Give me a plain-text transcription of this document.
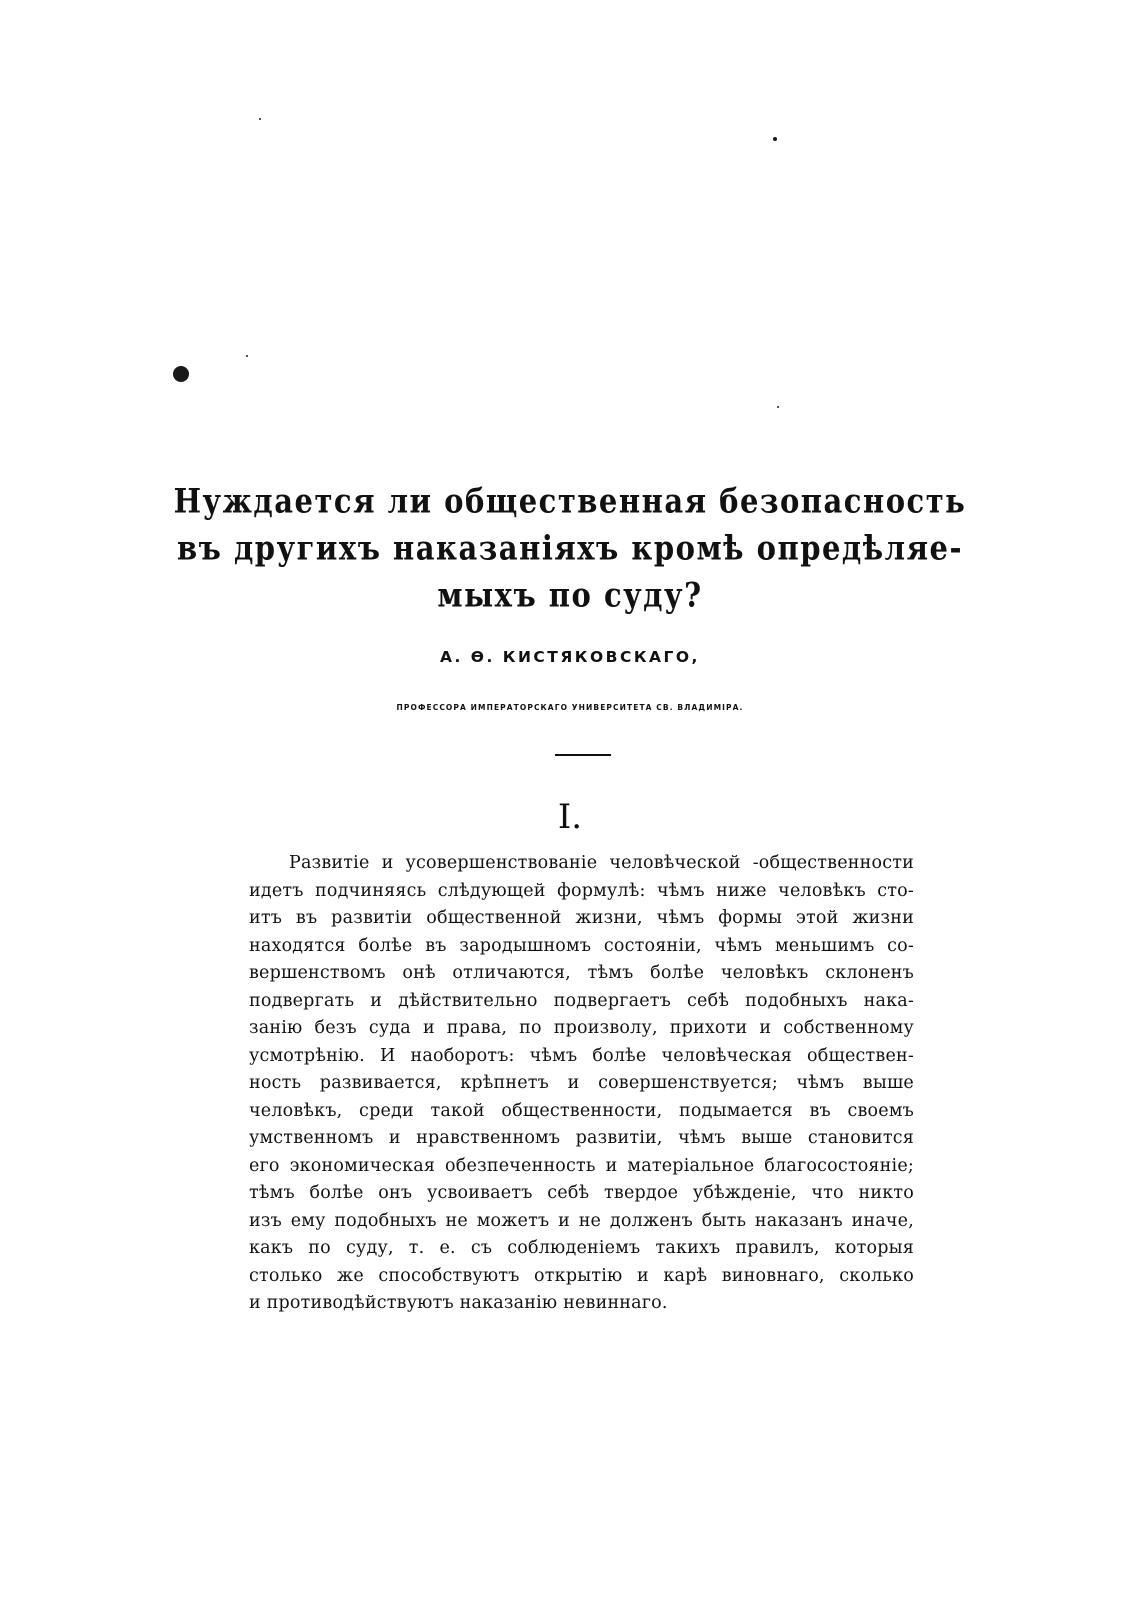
Нуждается ли общественная безопасность
въ другихъ наказаніяхъ кромѣ опредѣляе-
мыхъ по суду?
А. Ѳ. КИСТЯКОВСКАГО,
ПРОФЕССОРА ИМПЕРАТОРСКАГО УНИВЕРСИТЕТА СВ. ВЛАДИМІРА.
I.
Развитіе и усовершенствованіе человѣческой -общественности
идетъ подчиняясь слѣдующей формулѣ: чѣмъ ниже человѣкъ сто-
итъ въ развитіи общественной жизни, чѣмъ формы этой жизни
находятся болѣе въ зародышномъ состояніи, чѣмъ меньшимъ со-
вершенствомъ онѣ отличаются, тѣмъ болѣе человѣкъ склоненъ
подвергать и дѣйствительно подвергаетъ себѣ подобныхъ нака-
занію безъ суда и права, по произволу, прихоти и собственному
усмотрѣнію. И наоборотъ: чѣмъ болѣе человѣческая обществен-
ность развивается, крѣпнетъ и совершенствуется; чѣмъ выше
человѣкъ, среди такой общественности, подымается въ своемъ
умственномъ и нравственномъ развитіи, чѣмъ выше становится
его экономическая обезпеченность и матеріальное благосостояніе;
тѣмъ болѣе онъ усвоиваетъ себѣ твердое убѣжденіе, что никто
изъ ему подобныхъ не можетъ и не долженъ быть наказанъ иначе,
какъ по суду, т. е. съ соблюденіемъ такихъ правилъ, которыя
столько же способствуютъ открытію и карѣ виновнаго, сколько
и противодѣйствуютъ наказанію невиннаго.
